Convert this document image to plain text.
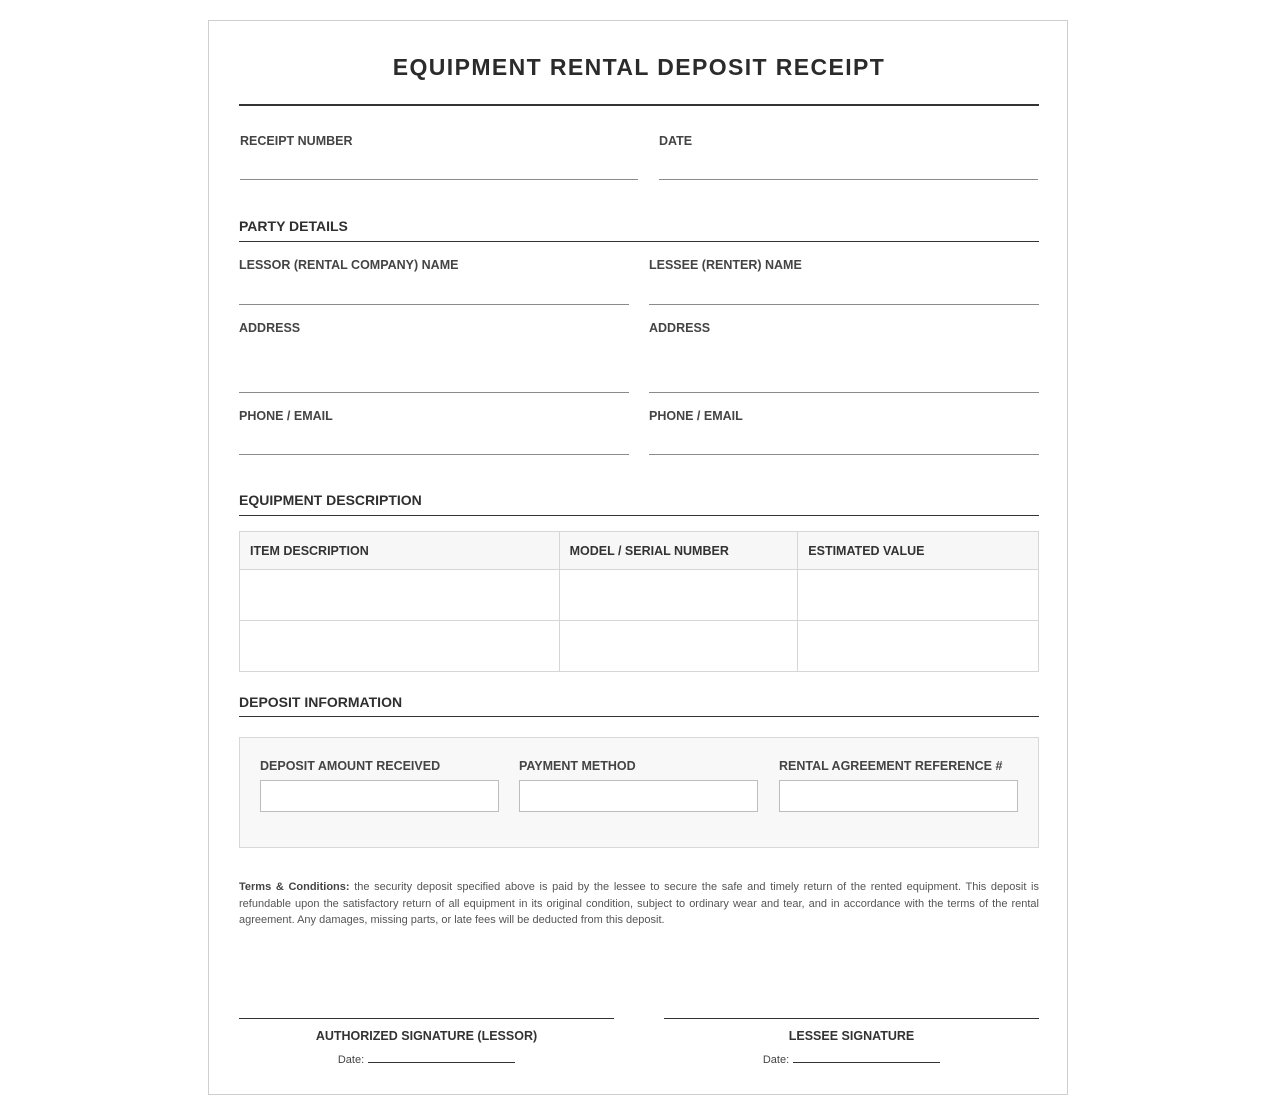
EQUIPMENT RENTAL DEPOSIT RECEIPT
RECEIPT NUMBER	DATE
PARTY DETAILS
LESSOR (RENTAL COMPANY) NAME	LESSEE (RENTER) NAME
ADDRESS	ADDRESS
PHONE / EMAIL	PHONE / EMAIL
EQUIPMENT DESCRIPTION
ITEM DESCRIPTION	MODEL / SERIAL NUMBER	ESTIMATED VALUE

DEPOSIT INFORMATION
DEPOSIT AMOUNT RECEIVED	PAYMENT METHOD	RENTAL AGREEMENT REFERENCE #
Terms & Conditions: the security deposit specified above is paid by the lessee to secure the safe and timely return of the rented equipment. This deposit is refundable upon the satisfactory return of all equipment in its original condition, subject to ordinary wear and tear, and in accordance with the terms of the rental agreement. Any damages, missing parts, or late fees will be deducted from this deposit.
AUTHORIZED SIGNATURE (LESSOR)
Date:
LESSEE SIGNATURE
Date:
